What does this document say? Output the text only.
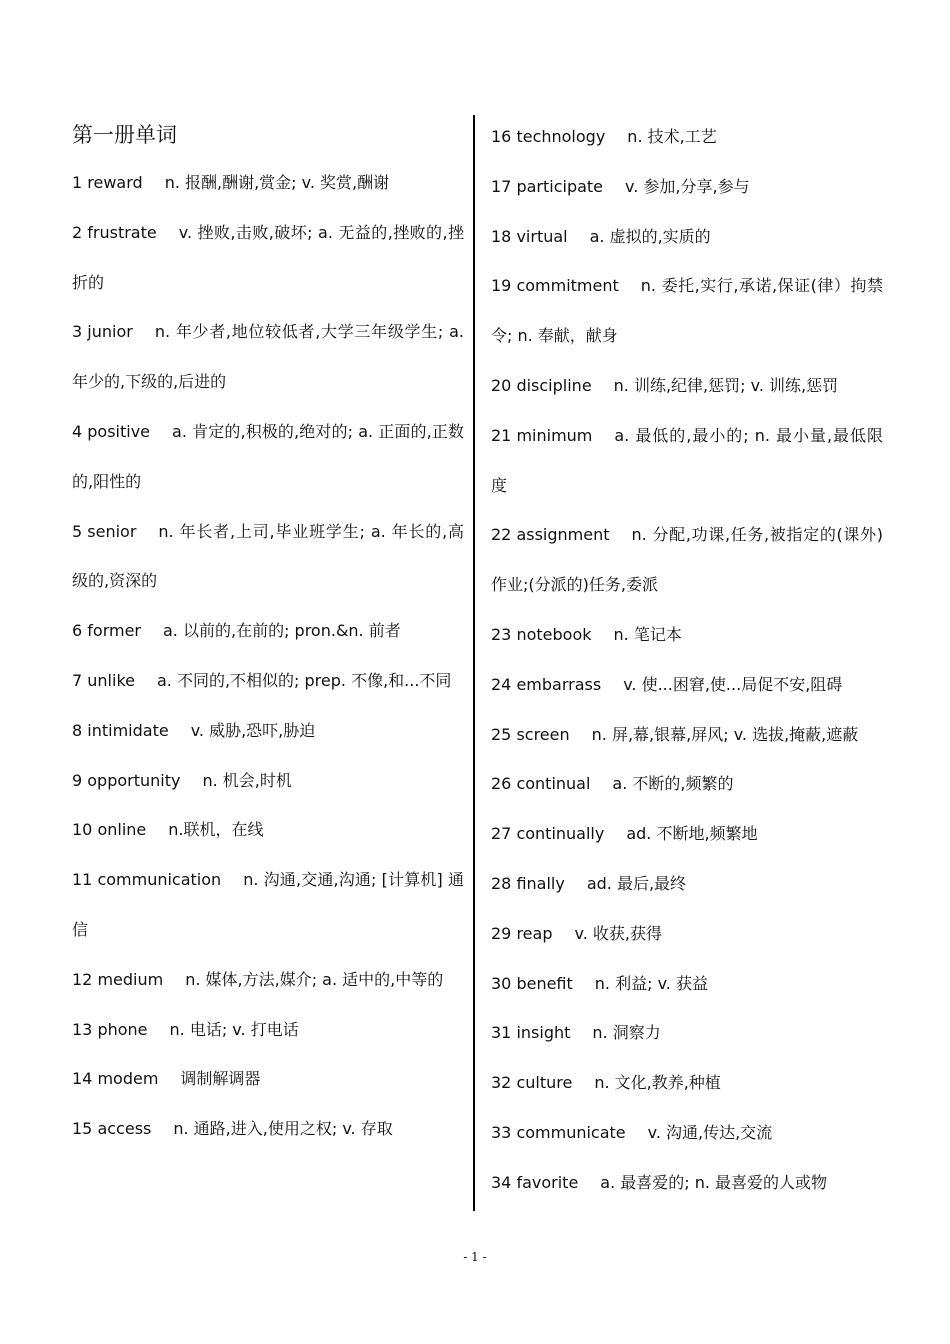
第一册单词

1 reward n. 报酬,酬谢,赏金; v. 奖赏,酬谢

2 frustrate v. 挫败,击败,破坏; a. 无益的,挫败的,挫折的

3 junior n. 年少者,地位较低者,大学三年级学生; a. 年少的,下级的,后进的

4 positive a. 肯定的,积极的,绝对的; a. 正面的,正数的,阳性的

5 senior n. 年长者,上司,毕业班学生; a. 年长的,高级的,资深的

6 former a. 以前的,在前的; pron.&n. 前者

7 unlike a. 不同的,不相似的; prep. 不像,和...不同

8 intimidate v. 威胁,恐吓,胁迫

9 opportunity n. 机会,时机

10 online n.联机，在线

11 communication n. 沟通,交通,沟通; [计算机] 通信

12 medium n. 媒体,方法,媒介; a. 适中的,中等的

13 phone n. 电话; v. 打电话

14 modem 调制解调器

15 access n. 通路,进入,使用之权; v. 存取

16 technology n. 技术,工艺

17 participate v. 参加,分享,参与

18 virtual a. 虚拟的,实质的

19 commitment n. 委托,实行,承诺,保证(律）拘禁令; n. 奉献，献身

20 discipline n. 训练,纪律,惩罚; v. 训练,惩罚

21 minimum a. 最低的,最小的; n. 最小量,最低限度

22 assignment n. 分配,功课,任务,被指定的(课外)作业;(分派的)任务,委派

23 notebook n. 笔记本

24 embarrass v. 使...困窘,使...局促不安,阻碍

25 screen n. 屏,幕,银幕,屏风; v. 选拔,掩蔽,遮蔽

26 continual a. 不断的,频繁的

27 continually ad. 不断地,频繁地

28 finally ad. 最后,最终

29 reap v. 收获,获得

30 benefit n. 利益; v. 获益

31 insight n. 洞察力

32 culture n. 文化,教养,种植

33 communicate v. 沟通,传达,交流

34 favorite a. 最喜爱的; n. 最喜爱的人或物

- 1 -
